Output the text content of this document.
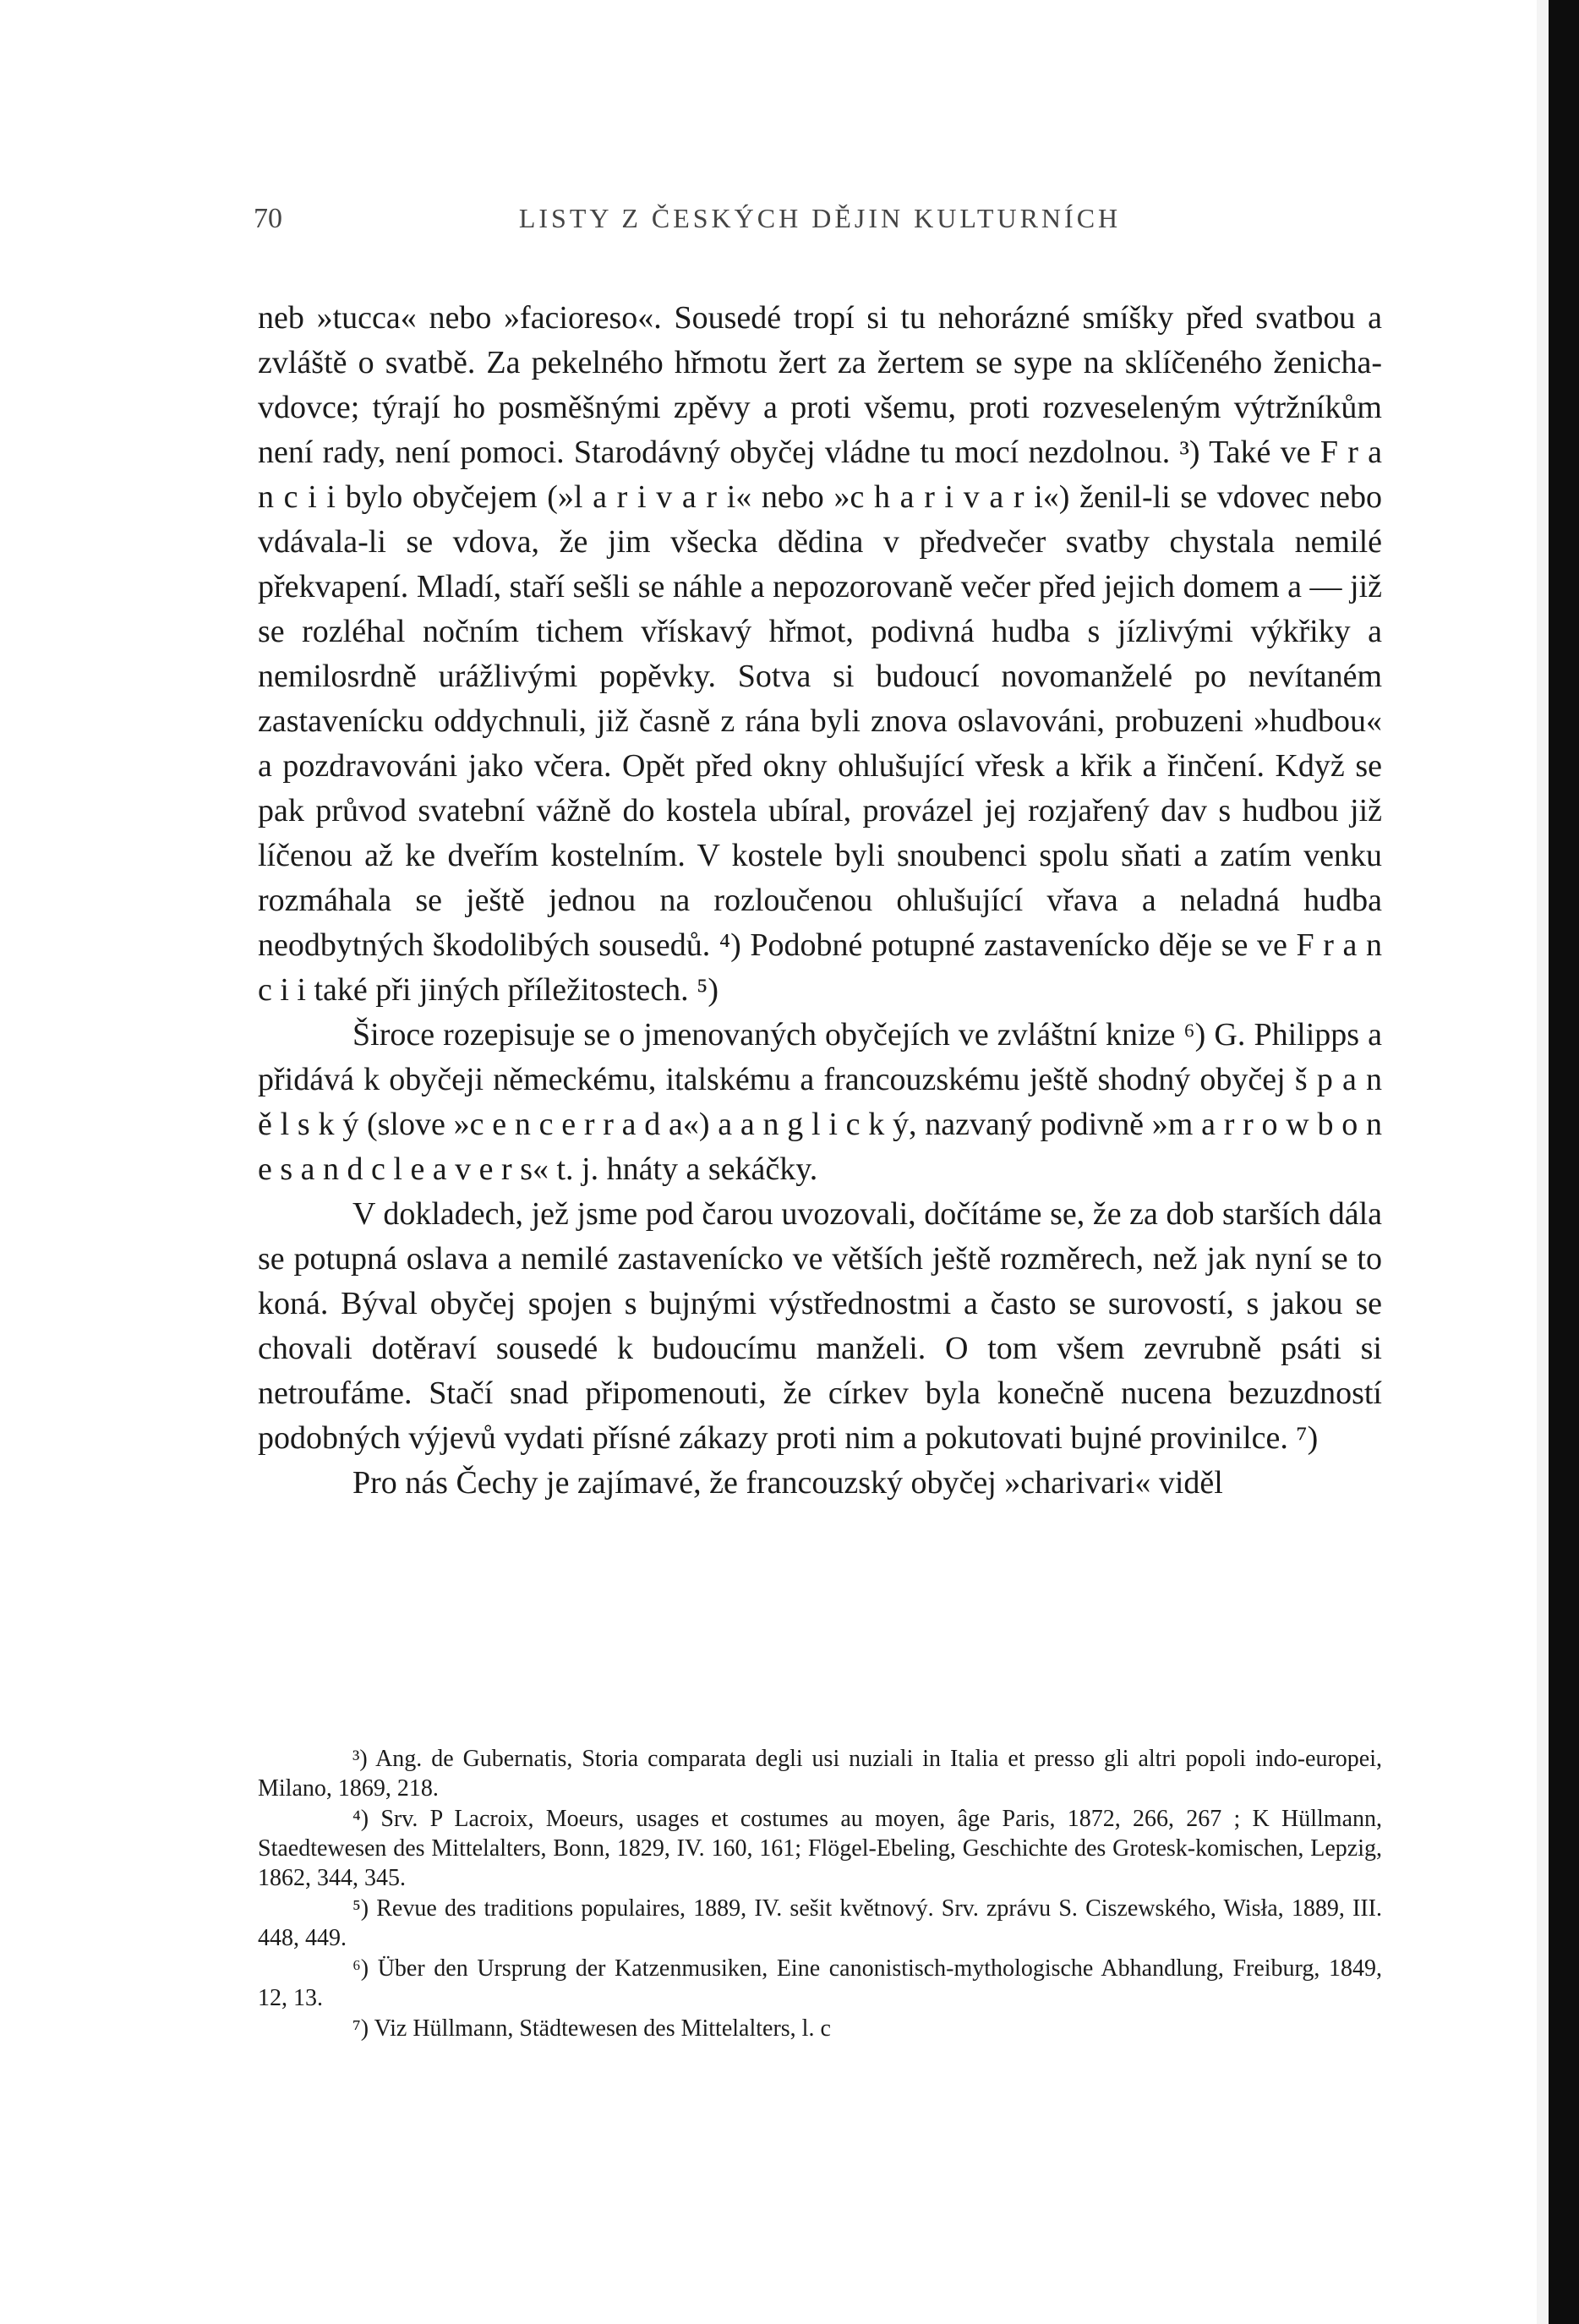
70	LISTY Z ČESKÝCH DĚJIN KULTURNÍCH

neb »tucca« nebo »facioreso«. Sousedé tropí si tu nehorázné smíšky před svatbou a zvláště o svatbě. Za pekelného hřmotu žert za žertem se sype na sklíčeného ženicha-vdovce; týrají ho posměšnými zpěvy a proti všemu, proti rozveseleným výtržníkům není rady, není pomoci. Starodávný obyčej vládne tu mocí nezdolnou. ³) Také ve F r a n c i i bylo obyčejem (»l a r i v a r i« nebo »c h a r i v a r i«) ženil-li se vdovec nebo vdávala-li se vdova, že jim všecka dědina v předvečer svatby chystala nemilé překvapení. Mladí, staří sešli se náhle a nepozorovaně večer před jejich domem a — již se rozléhal nočním tichem vřískavý hřmot, podivná hudba s jízlivými výkřiky a nemilosrdně urážlivými popěvky. Sotva si budoucí novomanželé po nevítaném zastavenícku oddychnuli, již časně z rána byli znova oslavováni, probuzeni »hudbou« a pozdravováni jako včera. Opět před okny ohlušující vřesk a křik a řinčení. Když se pak průvod svatební vážně do kostela ubíral, provázel jej rozjařený dav s hudbou již líčenou až ke dveřím kostelním. V kostele byli snoubenci spolu sňati a zatím venku rozmáhala se ještě jednou na rozloučenou ohlušující vřava a neladná hudba neodbytných škodolibých sousedů. ⁴) Podobné potupné zastavenícko děje se ve F r a n c i i také při jiných příležitostech. ⁵)

Široce rozepisuje se o jmenovaných obyčejích ve zvláštní knize ⁶) G. Philipps a přidává k obyčeji německému, italskému a francouzskému ještě shodný obyčej š p a n ě l s k ý (slove »c e n c e r r a d a«) a a n g l i c k ý, nazvaný podivně »m a r r o w b o n e s a n d c l e a v e r s« t. j. hnáty a sekáčky.

V dokladech, jež jsme pod čarou uvozovali, dočítáme se, že za dob starších dála se potupná oslava a nemilé zastavenícko ve větších ještě rozměrech, než jak nyní se to koná. Býval obyčej spojen s bujnými výstřednostmi a často se surovostí, s jakou se chovali dotěraví sousedé k budoucímu manželi. O tom všem zevrubně psáti si netroufáme. Stačí snad připomenouti, že církev byla konečně nucena bezuzdností podobných výjevů vydati přísné zákazy proti nim a pokutovati bujné provinilce. ⁷)

Pro nás Čechy je zajímavé, že francouzský obyčej »charivari« viděl

³) Ang. de Gubernatis, Storia comparata degli usi nuziali in Italia et presso gli altri popoli indo-europei, Milano, 1869, 218.

⁴) Srv. P Lacroix, Moeurs, usages et costumes au moyen, âge Paris, 1872, 266, 267 ; K Hüllmann, Staedtewesen des Mittelalters, Bonn, 1829, IV. 160, 161; Flögel-Ebeling, Geschichte des Grotesk-komischen, Lepzig, 1862, 344, 345.

⁵) Revue des traditions populaires, 1889, IV. sešit květnový. Srv. zprávu S. Ciszewského, Wisła, 1889, III. 448, 449.

⁶) Über den Ursprung der Katzenmusiken, Eine canonistisch-mythologische Abhandlung, Freiburg, 1849, 12, 13.

⁷) Viz Hüllmann, Städtewesen des Mittelalters, l. c
